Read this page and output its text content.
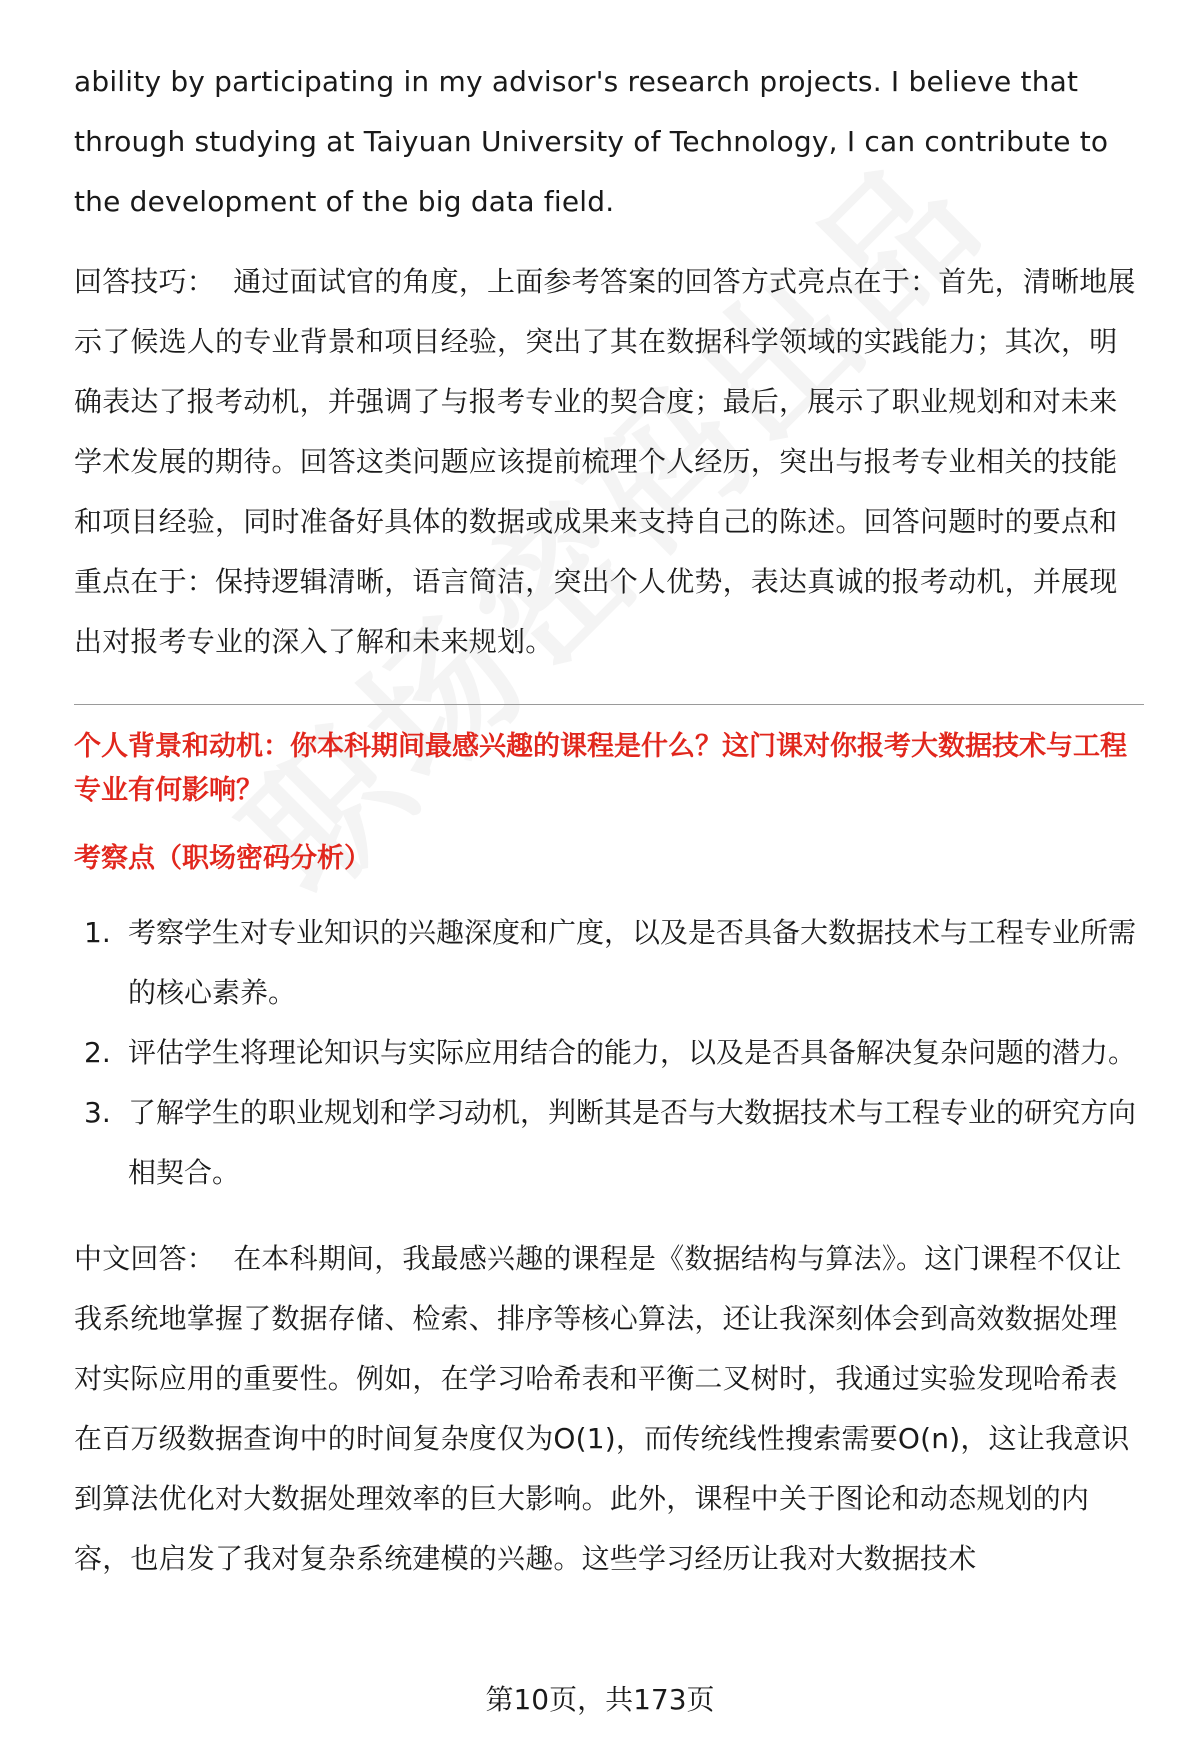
ability by participating in my advisor's research projects. I believe that through studying at Taiyuan University of Technology, I can contribute to the development of the big data field.

回答技巧： 通过面试官的角度，上面参考答案的回答方式亮点在于：首先，清晰地展示了候选人的专业背景和项目经验，突出了其在数据科学领域的实践能力；其次，明确表达了报考动机，并强调了与报考专业的契合度；最后，展示了职业规划和对未来学术发展的期待。回答这类问题应该提前梳理个人经历，突出与报考专业相关的技能和项目经验，同时准备好具体的数据或成果来支持自己的陈述。回答问题时的要点和重点在于：保持逻辑清晰，语言简洁，突出个人优势，表达真诚的报考动机，并展现出对报考专业的深入了解和未来规划。

个人背景和动机：你本科期间最感兴趣的课程是什么？这门课对你报考大数据技术与工程专业有何影响？

考察点（职场密码分析）

1. 考察学生对专业知识的兴趣深度和广度，以及是否具备大数据技术与工程专业所需的核心素养。
2. 评估学生将理论知识与实际应用结合的能力，以及是否具备解决复杂问题的潜力。
3. 了解学生的职业规划和学习动机，判断其是否与大数据技术与工程专业的研究方向相契合。

中文回答： 在本科期间，我最感兴趣的课程是《数据结构与算法》。这门课程不仅让我系统地掌握了数据存储、检索、排序等核心算法，还让我深刻体会到高效数据处理对实际应用的重要性。例如，在学习哈希表和平衡二叉树时，我通过实验发现哈希表在百万级数据查询中的时间复杂度仅为O(1)，而传统线性搜索需要O(n)，这让我意识到算法优化对大数据处理效率的巨大影响。此外，课程中关于图论和动态规划的内容，也启发了我对复杂系统建模的兴趣。这些学习经历让我对大数据技术

第10页，共173页
